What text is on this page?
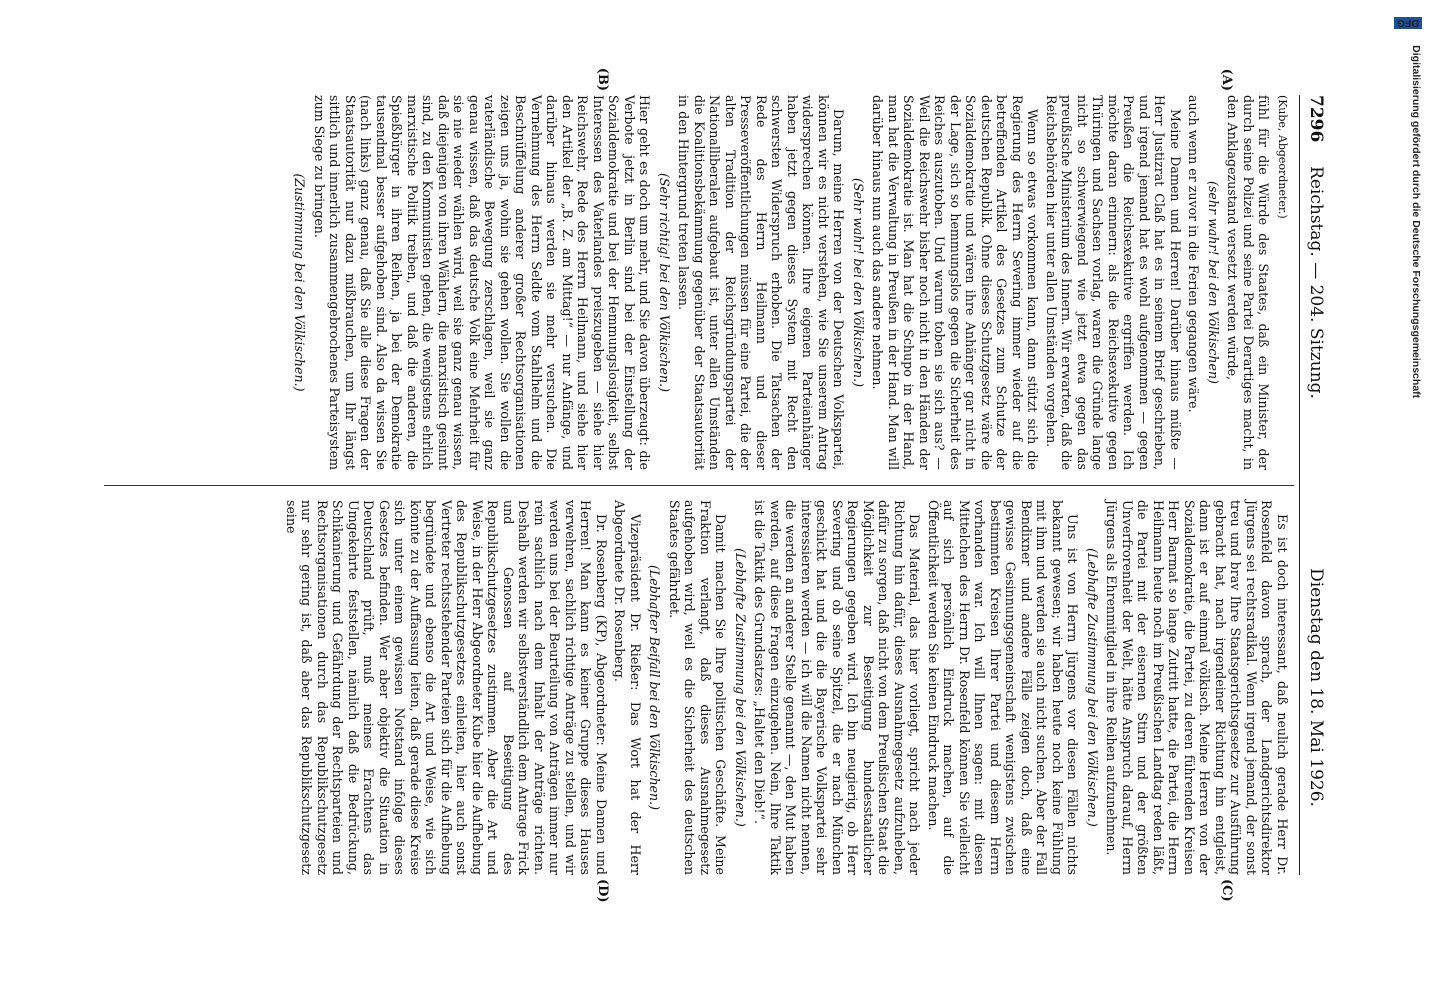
7296
Reichstag. — 204. Sitzung.
Dienstag den 18. Mai 1926.

(Kube, Abgeordneter.)

fühl für die Würde des Staates, daß ein Minister, der durch seine Polizei und seine Partei Derartiges macht, in den Anklagezustand versetzt werden würde,

(sehr wahr! bei den Völkischen)

auch wenn er zuvor in die Ferien gegangen wäre.

Meine Damen und Herren! Darüber hinaus müßte — Herr Justizrat Claß hat es in seinem Brief geschrieben, und irgend jemand hat es wohl aufgenommen — gegen Preußen die Reichsexekutive ergriffen werden. Ich möchte daran erinnern: als die Reichsexekutive gegen Thüringen und Sachsen vorlag, waren die Gründe lange nicht so schwerwiegend wie jetzt etwa gegen das preußische Ministerium des Innern. Wir erwarten, daß die Reichsbehörden hier unter allen Umständen vorgehen.

Wenn so etwas vorkommen kann, dann stützt sich die Regierung des Herrn Severing immer wieder auf die betreffenden Artikel des Gesetzes zum Schutze der deutschen Republik. Ohne dieses Schutzgesetz wäre die Sozialdemokratie und wären ihre Anhänger gar nicht in der Lage, sich so hemmungslos gegen die Sicherheit des Reiches auszutoben. Und warum toben sie sich aus? — Weil die Reichswehr bisher noch nicht in den Händen der Sozialdemokratie ist. Man hat die Schupo in der Hand, man hat die Verwaltung in Preußen in der Hand. Man will darüber hinaus nun auch das andere nehmen.

(Sehr wahr! bei den Völkischen.)

Darum, meine Herren von der Deutschen Volkspartei, können wir es nicht verstehen, wie Sie unserem Antrag widersprechen können. Ihre eigenen Parteianhänger haben jetzt gegen dieses System mit Recht den schwersten Widerspruch erhoben. Die Tatsachen der Rede des Herrn Heilmann und dieser Presseveröffentlichungen müssen für eine Partei, die der alten Tradition der Reichsgründungspartei der Nationalliberalen aufgebaut ist, unter allen Umständen die Koalitionsbekämmung gegenüber der Staatsautorität in den Hintergrund treten lassen.

(Sehr richtig! bei den Völkischen.)

Hier geht es doch um mehr, und Sie davon überzeugt: die Verbote jetzt in Berlin sind bei der Einstellung der Sozialdemokratie und bei der Hemmungslosigkeit, selbst Interessen des Vaterlandes preiszugeben — siehe hier Reichswehr, Rede des Herrn Heilmann, und siehe hier den Artikel der „B. Z. am Mittag!“ — nur Anfänge, und darüber hinaus werden sie mehr versuchen. Die Vernehmung des Herrn Seldte vom Stahlhelm und die Beschnüffelung anderer großer Rechtsorganisationen zeigen uns ja, wohin sie gehen wollen. Sie wollen die vaterländische Bewegung zerschlagen, weil sie ganz genau wissen, daß das deutsche Volk eine Mehrheit für sie nie wieder wählen wird, weil sie ganz genau wissen, daß diejenigen von ihren Wählern, die marxistisch gesinnt sind, zu den Kommunisten gehen, die wenigstens ehrlich marxistische Politik treiben, und daß die anderen, die Spießbürger in ihren Reihen, ja bei der Demokratie tausendmal besser aufgehoben sind. Also da wissen Sie (nach links) ganz genau, daß Sie alle diese Fragen der Staatsautorität nur dazu mißbrauchen, um Ihr längst sittlich und innerlich zusammengebrochenes Parteisystem zum Siege zu bringen.

(Zustimmung bei den Völkischen.)

Es ist doch interessant, daß neulich gerade Herr Dr. Rosenfeld davon sprach, der Landgerichtsdirektor Jürgens sei rechtsradikal. Wenn irgend jemand, der sonst treu und brav Ihre Staatsgerichtsgesetze zur Ausführung gebracht hat, nach irgendeiner Richtung hin entgleist, dann ist er auf einmal völkisch. Meine Herren von der Sozialdemokratie, die Partei, zu deren führenden Kreisen Herr Barmat so lange Zutritt hatte, die Partei, die Herrn Heilmann heute noch im Preußischen Landtag reden läßt, die Partei mit der eisernen Stirn und der größten Unverfrorenheit der Welt, hätte Anspruch darauf, Herrn Jürgens als Ehrenmitglied in ihre Reihen aufzunehmen.

(Lebhafte Zustimmung bei den Völkischen.)

Uns ist von Herrn Jürgens vor diesen Fällen nichts bekannt gewesen; wir haben heute noch keine Fühlung mit ihm und werden sie auch nicht suchen. Aber der Fall Bendixner und andere Fälle zeigen doch, daß eine gewisse Gesinnungsgemeinschaft wenigstens zwischen bestimmten Kreisen Ihrer Partei und diesem Herrn vorhanden war. Ich will Ihnen sagen: mit diesen Mittelchen des Herrn Dr. Rosenfeld können Sie vielleicht auf sich persönlich Eindruck machen, auf die Öffentlichkeit werden Sie keinen Eindruck machen.

Das Material, das hier vorliegt, spricht nach jeder Richtung hin dafür, dieses Ausnahmegesetz aufzuheben, dafür zu sorgen, daß nicht von dem Preußischen Staat die Möglichkeit zur Beseitigung bundesstaatlicher Regierungen gegeben wird. Ich bin neugierig, ob Herr Severing und ob seine Spitzel, die er nach München geschickt hat und die die Bayerische Volkspartei sehr interessieren werden — ich will die Namen nicht nennen, die werden an anderer Stelle genannt —, den Mut haben werden, auf diese Fragen einzugehen. Nein, Ihre Taktik ist die Taktik des Grundsatzes: „Haltet den Dieb!“.

(Lebhafte Zustimmung bei den Völkischen.)

Damit machen Sie Ihre politischen Geschäfte. Meine Fraktion verlangt, daß dieses Ausnahmegesetz aufgehoben wird, weil es die Sicherheit des deutschen Staates gefährdet.

(Lebhafter Beifall bei den Völkischen.)

Vizepräsident Dr. Rießer: Das Wort hat der Herr Abgeordnete Dr. Rosenberg.

Dr. Rosenberg (KP), Abgeordneter: Meine Damen und Herren! Man kann es keiner Gruppe dieses Hauses verwehren, sachlich richtige Anträge zu stellen, und wir werden uns bei der Beurteilung von Anträgen immer nur rein sachlich nach dem Inhalt der Anträge richten. Deshalb werden wir selbstverständlich dem Antrage Frick und Genossen auf Beseitigung des Republikschutzgesetzes zustimmen. Aber die Art und Weise, in der Herr Abgeordneter Kube hier die Aufhebung des Republikschutzgesetzes einleiten, hier auch sonst Vertreter rechtsstehender Parteien sich für die Aufhebung begründete und ebenso die Art und Weise, wie sich könnte zu der Auffassung leiten, daß gerade diese Kreise sich unter einem gewissen Notstand infolge dieses Gesetzes befinden. Wer aber objektiv die Situation in Deutschland prüft, muß meines Erachtens das Umgekehrte feststellen, nämlich daß die Bedrückung, Schikanierung und Gefährdung der Rechtsparteien und Rechtsorganisationen durch das Republikschutzgesetz nur sehr gering ist, daß aber das Republikschutzgesetz seine

(A)
(B)
(C)
(D)
DFGDigitalisierung gefördert durch die Deutsche Forschungsgemeinschaft
